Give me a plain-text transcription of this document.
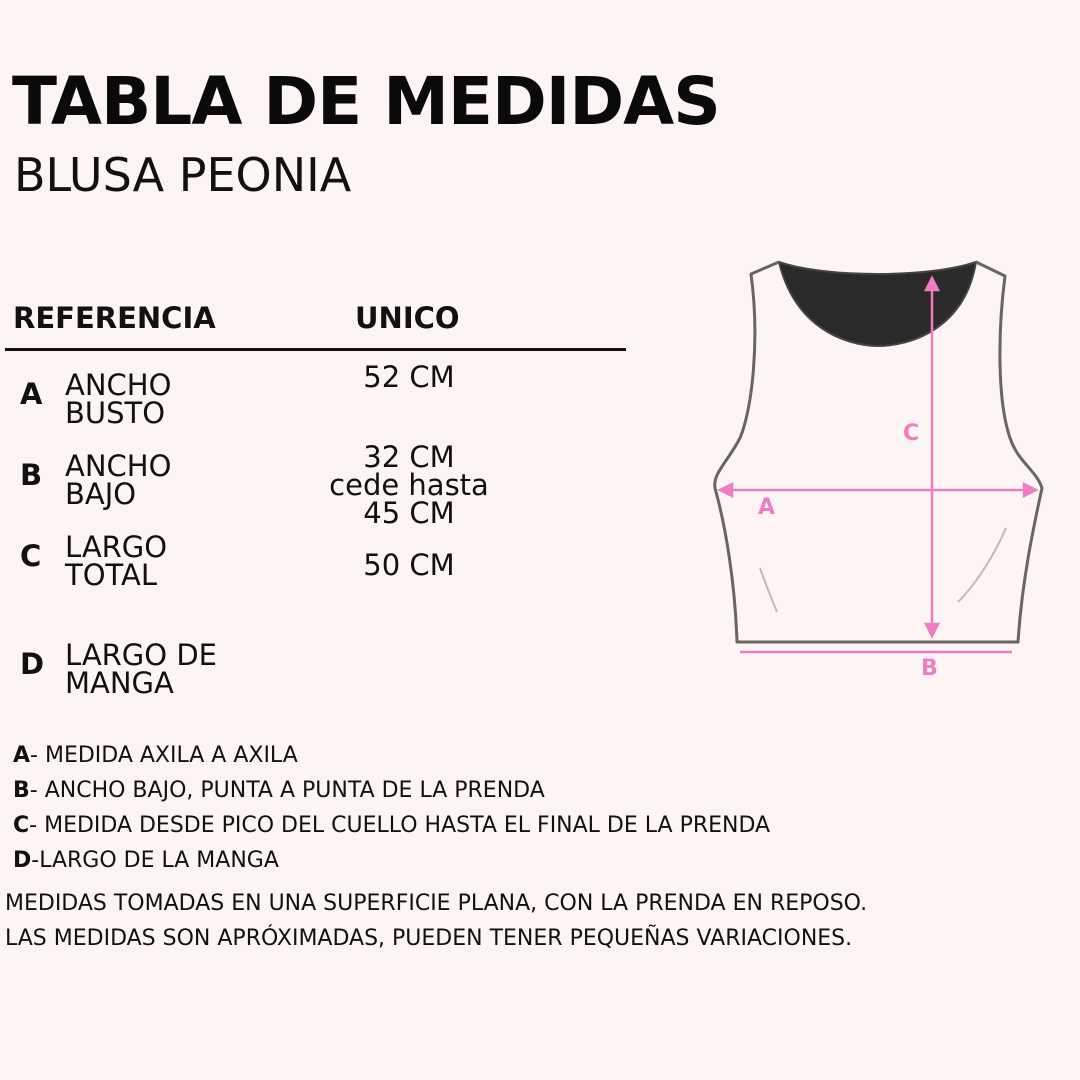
TABLA DE MEDIDAS
BLUSA PEONIA
REFERENCIA	UNICO
A ANCHO
BUSTO
52 CM
B ANCHO
BAJO
32 CM
cede hasta
45 CM
C LARGO
TOTAL	50 CM
D LARGO DE
MANGA
C
A
B
A- MEDIDA AXILA A AXILA
B- ANCHO BAJO, PUNTA A PUNTA DE LA PRENDA
C- MEDIDA DESDE PICO DEL CUELLO HASTA EL FINAL DE LA PRENDA
D-LARGO DE LA MANGA
MEDIDAS TOMADAS EN UNA SUPERFICIE PLANA, CON LA PRENDA EN REPOSO.
LAS MEDIDAS SON APRÓXIMADAS, PUEDEN TENER PEQUEÑAS VARIACIONES.
